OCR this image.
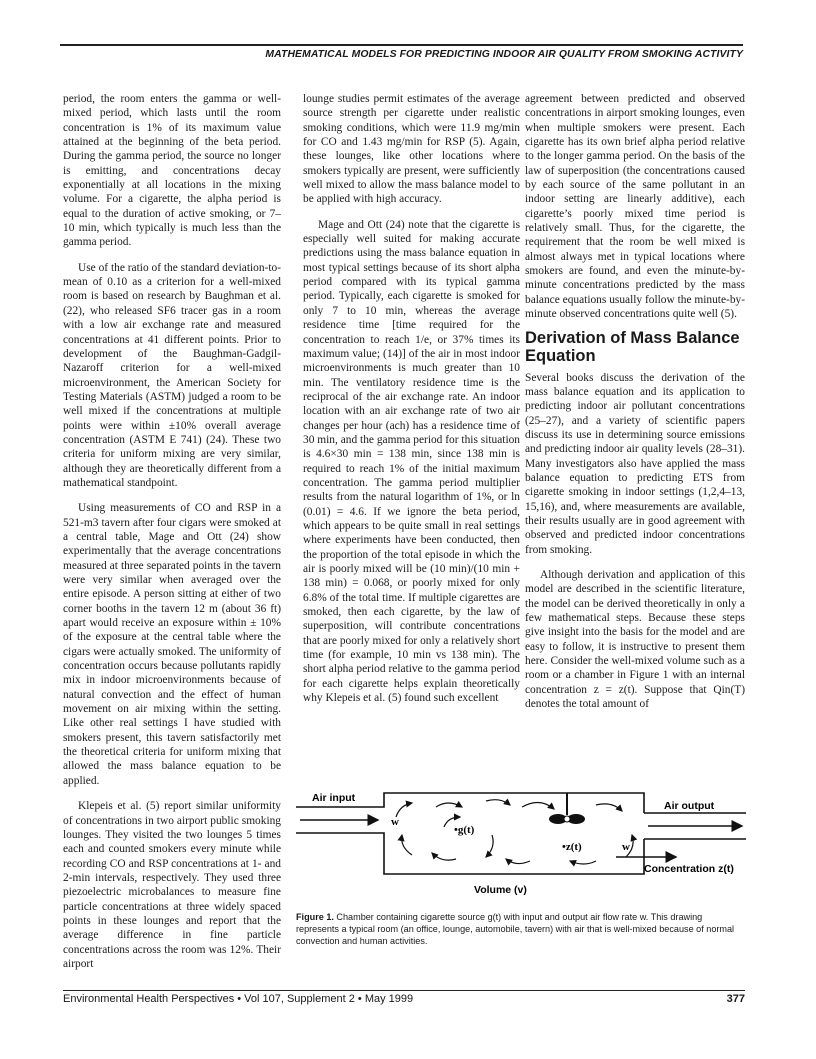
MATHEMATICAL MODELS FOR PREDICTING INDOOR AIR QUALITY FROM SMOKING ACTIVITY

period, the room enters the gamma or well-mixed period, which lasts until the room concentration is 1% of its maximum value attained at the beginning of the beta period. During the gamma period, the source no longer is emitting, and concentrations decay exponentially at all locations in the mixing volume. For a cigarette, the alpha period is equal to the duration of active smoking, or 7–10 min, which typically is much less than the gamma period.

Use of the ratio of the standard deviation-to-mean of 0.10 as a criterion for a well-mixed room is based on research by Baughman et al. (22), who released SF6 tracer gas in a room with a low air exchange rate and measured concentrations at 41 different points. Prior to development of the Baughman-Gadgil-Nazaroff criterion for a well-mixed microenvironment, the American Society for Testing Materials (ASTM) judged a room to be well mixed if the concentrations at multiple points were within ±10% overall average concentration (ASTM E 741) (24). These two criteria for uniform mixing are very similar, although they are theoretically different from a mathematical standpoint.

Using measurements of CO and RSP in a 521-m3 tavern after four cigars were smoked at a central table, Mage and Ott (24) show experimentally that the average concentrations measured at three separated points in the tavern were very similar when averaged over the entire episode. A person sitting at either of two corner booths in the tavern 12 m (about 36 ft) apart would receive an exposure within ± 10% of the exposure at the central table where the cigars were actually smoked. The uniformity of concentration occurs because pollutants rapidly mix in indoor microenvironments because of natural convection and the effect of human movement on air mixing within the setting. Like other real settings I have studied with smokers present, this tavern satisfactorily met the theoretical criteria for uniform mixing that allowed the mass balance equation to be applied.

Klepeis et al. (5) report similar uniformity of concentrations in two airport public smoking lounges. They visited the two lounges 5 times each and counted smokers every minute while recording CO and RSP concentrations at 1- and 2-min intervals, respectively. They used three piezoelectric microbalances to measure fine particle concentrations at three widely spaced points in these lounges and report that the average difference in fine particle concentrations across the room was 12%. Their airport

lounge studies permit estimates of the average source strength per cigarette under realistic smoking conditions, which were 11.9 mg/min for CO and 1.43 mg/min for RSP (5). Again, these lounges, like other locations where smokers typically are present, were sufficiently well mixed to allow the mass balance model to be applied with high accuracy.

Mage and Ott (24) note that the cigarette is especially well suited for making accurate predictions using the mass balance equation in most typical settings because of its short alpha period compared with its typical gamma period. Typically, each cigarette is smoked for only 7 to 10 min, whereas the average residence time [time required for the concentration to reach 1/e, or 37% times its maximum value; (14)] of the air in most indoor microenvironments is much greater than 10 min. The ventilatory residence time is the reciprocal of the air exchange rate. An indoor location with an air exchange rate of two air changes per hour (ach) has a residence time of 30 min, and the gamma period for this situation is 4.6×30 min = 138 min, since 138 min is required to reach 1% of the initial maximum concentration. The gamma period multiplier results from the natural logarithm of 1%, or ln (0.01) = 4.6. If we ignore the beta period, which appears to be quite small in real settings where experiments have been conducted, then the proportion of the total episode in which the air is poorly mixed will be (10 min)/(10 min + 138 min) = 0.068, or poorly mixed for only 6.8% of the total time. If multiple cigarettes are smoked, then each cigarette, by the law of superposition, will contribute concentrations that are poorly mixed for only a relatively short time (for example, 10 min vs 138 min). The short alpha period relative to the gamma period for each cigarette helps explain theoretically why Klepeis et al. (5) found such excellent

agreement between predicted and observed concentrations in airport smoking lounges, even when multiple smokers were present. Each cigarette has its own brief alpha period relative to the longer gamma period. On the basis of the law of superposition (the concentrations caused by each source of the same pollutant in an indoor setting are linearly additive), each cigarette’s poorly mixed time period is relatively small. Thus, for the cigarette, the requirement that the room be well mixed is almost always met in typical locations where smokers are found, and even the minute-by-minute concentrations predicted by the mass balance equations usually follow the minute-by-minute observed concentrations quite well (5).

Derivation of Mass Balance Equation

Several books discuss the derivation of the mass balance equation and its application to predicting indoor air pollutant concentrations (25–27), and a variety of scientific papers discuss its use in determining source emissions and predicting indoor air quality levels (28–31). Many investigators also have applied the mass balance equation to predicting ETS from cigarette smoking in indoor settings (1,2,4–13, 15,16), and, where measurements are available, their results usually are in good agreement with observed and predicted indoor concentrations from smoking.

Although derivation and application of this model are described in the scientific literature, the model can be derived theoretically in only a few mathematical steps. Because these steps give insight into the basis for the model and are easy to follow, it is instructive to present them here. Consider the well-mixed volume such as a room or a chamber in Figure 1 with an internal concentration z = z(t). Suppose that Qin(T) denotes the total amount of

Air input
w
•g(t)
•z(t)	w
Air output
Concentration z(t)
Volume (v)
Figure 1. Chamber containing cigarette source g(t) with input and output air flow rate w. This drawing represents a typical room (an office, lounge, automobile, tavern) with air that is well-mixed because of normal convection and human activities.
Environmental Health Perspectives • Vol 107, Supplement 2 • May 1999	377
